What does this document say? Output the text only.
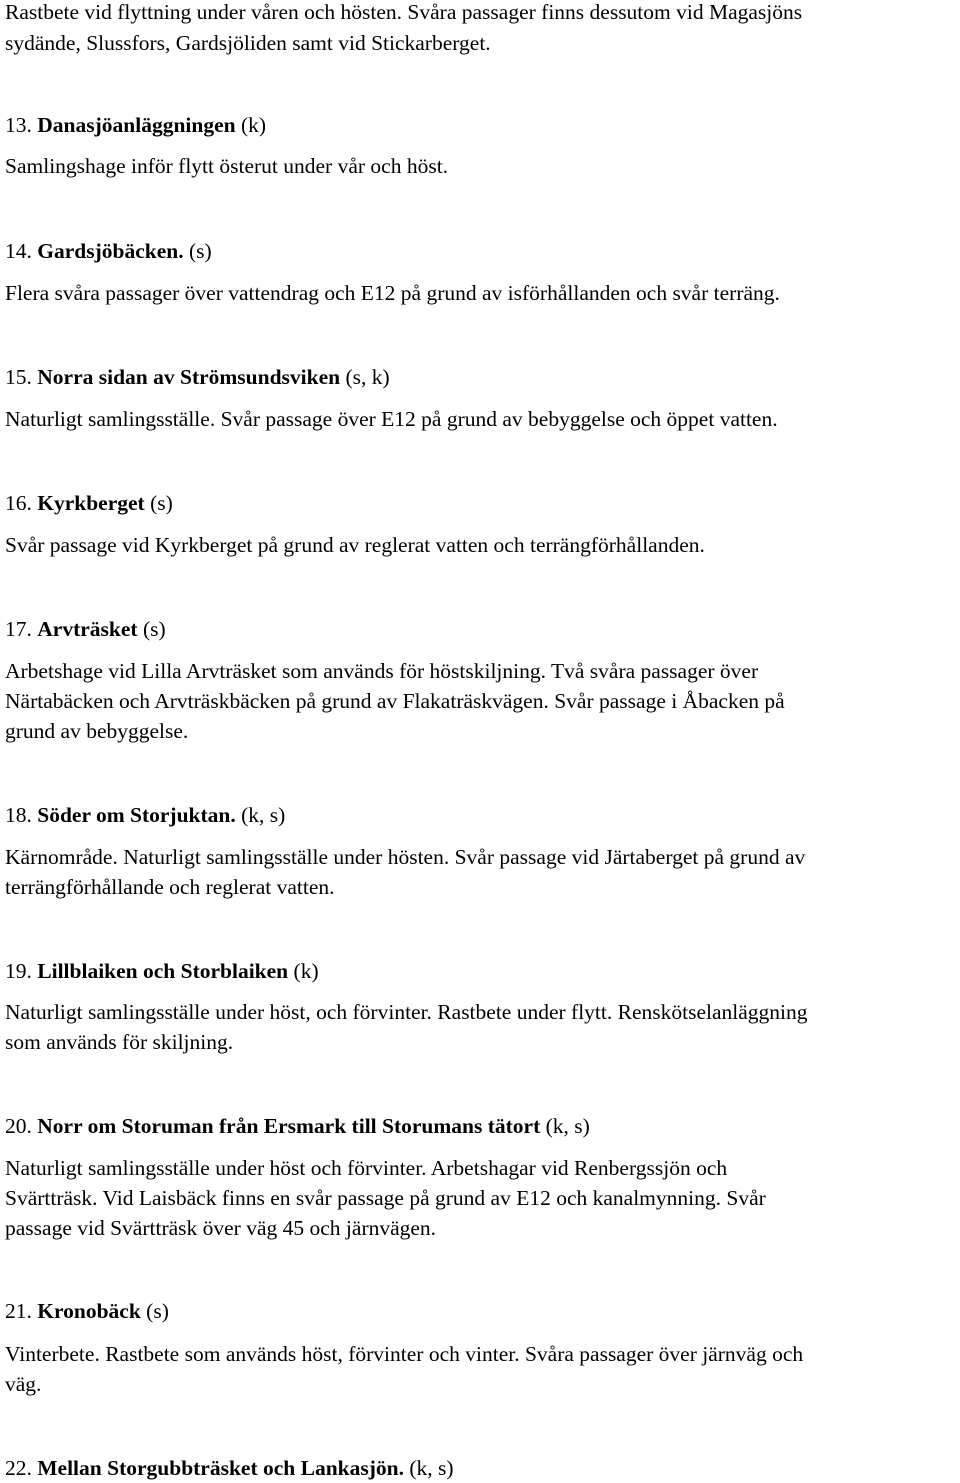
Rastbete vid flyttning under våren och hösten. Svåra passager finns dessutom vid Magasjöns
sydände, Slussfors, Gardsjöliden samt vid Stickarberget.
13. Danasjöanläggningen (k)
Samlingshage inför flytt österut under vår och höst.
14. Gardsjöbäcken. (s)
Flera svåra passager över vattendrag och E12 på grund av isförhållanden och svår terräng.
15. Norra sidan av Strömsundsviken (s, k)
Naturligt samlingsställe. Svår passage över E12 på grund av bebyggelse och öppet vatten.
16. Kyrkberget (s)
Svår passage vid Kyrkberget på grund av reglerat vatten och terrängförhållanden.
17. Arvträsket (s)
Arbetshage vid Lilla Arvträsket som används för höstskiljning. Två svåra passager över
Närtabäcken och Arvträskbäcken på grund av Flakaträskvägen. Svår passage i Åbacken på
grund av bebyggelse.
18. Söder om Storjuktan. (k, s)
Kärnområde. Naturligt samlingsställe under hösten. Svår passage vid Järtaberget på grund av
terrängförhållande och reglerat vatten.
19. Lillblaiken och Storblaiken (k)
Naturligt samlingsställe under höst, och förvinter. Rastbete under flytt. Renskötselanläggning
som används för skiljning.
20. Norr om Storuman från Ersmark till Storumans tätort (k, s)
Naturligt samlingsställe under höst och förvinter. Arbetshagar vid Renbergssjön och
Svärtträsk. Vid Laisbäck finns en svår passage på grund av E12 och kanalmynning. Svår
passage vid Svärtträsk över väg 45 och järnvägen.
21. Kronobäck (s)
Vinterbete. Rastbete som används höst, förvinter och vinter. Svåra passager över järnväg och
väg.
22. Mellan Storgubbträsket och Lankasjön. (k, s)
